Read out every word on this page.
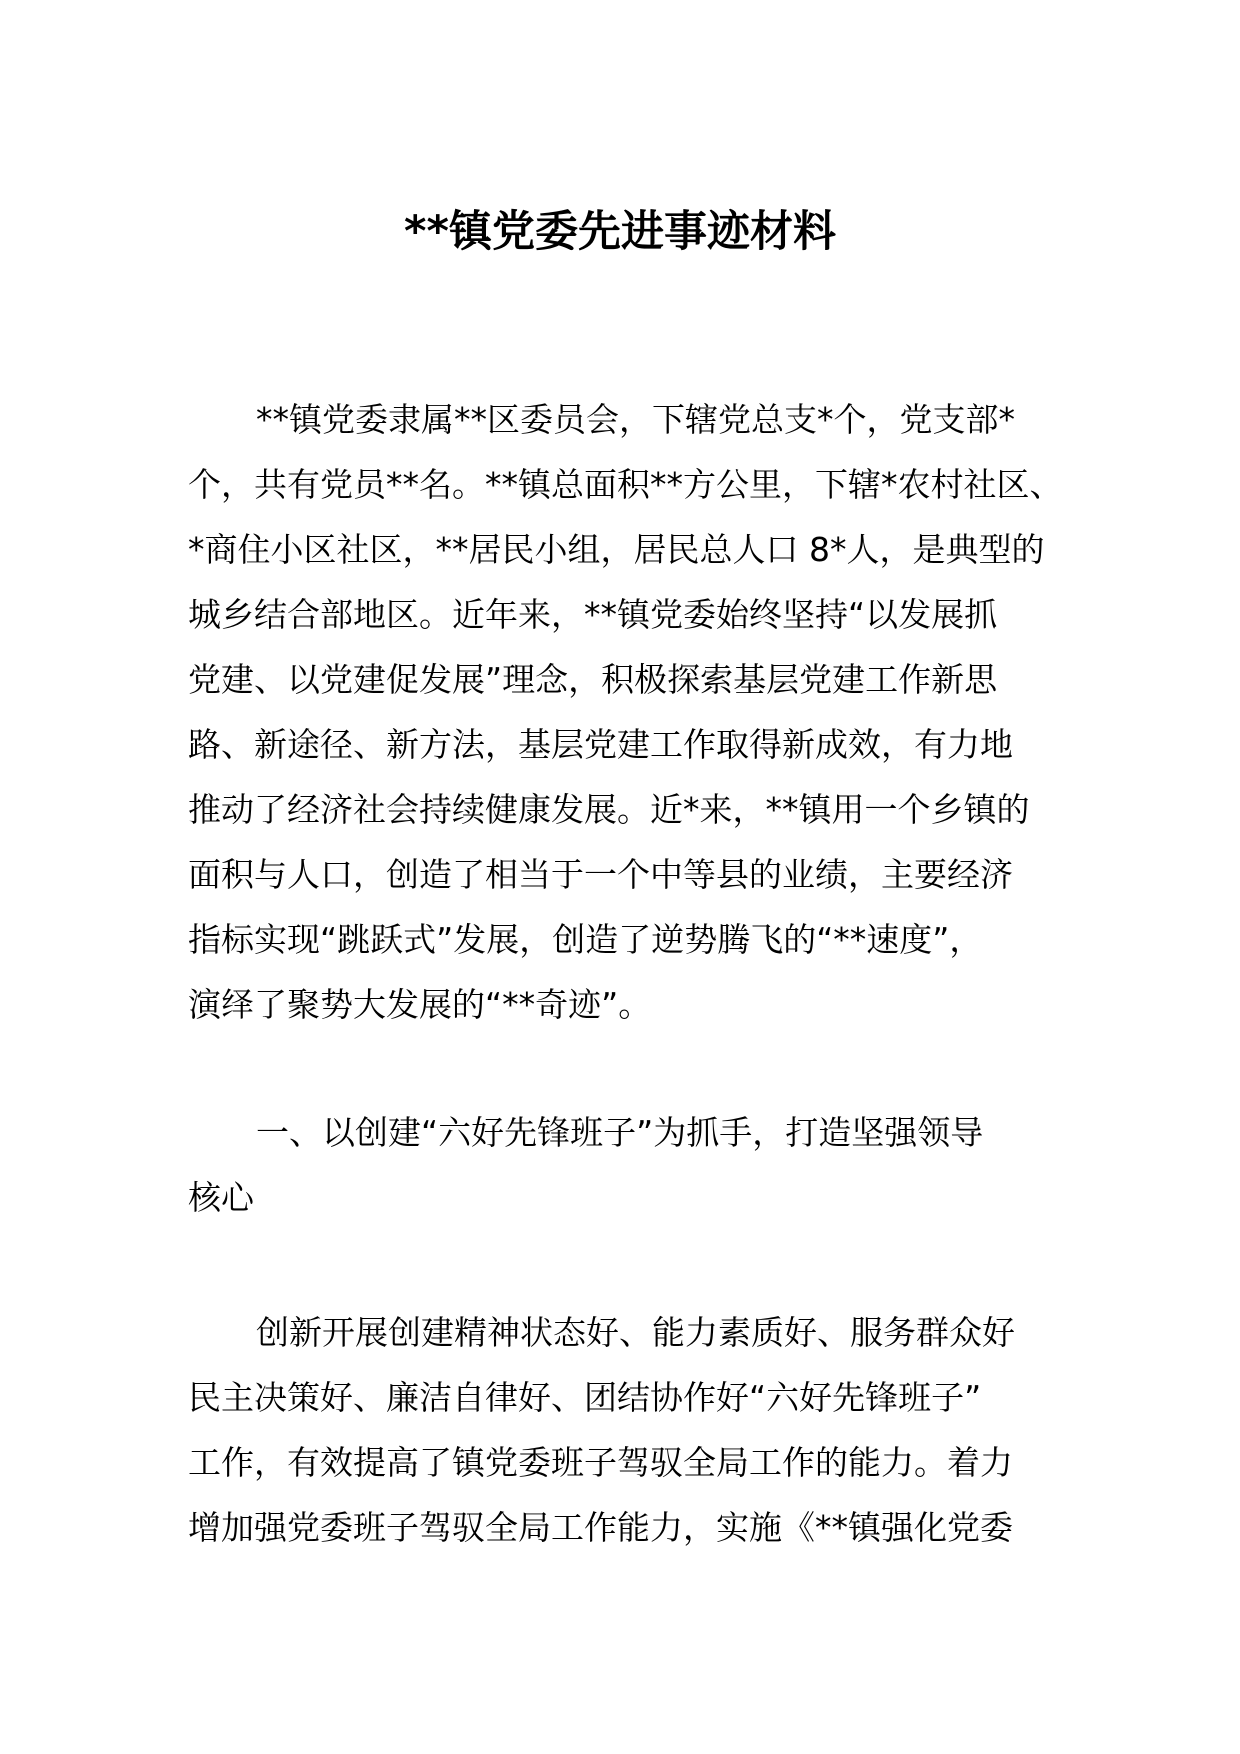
**镇党委先进事迹材料
**镇党委隶属**区委员会，下辖党总支*个，党支部*
个，共有党员**名。**镇总面积**方公里，下辖*农村社区、
*商住小区社区，**居民小组，居民总人口 8*人，是典型的
城乡结合部地区。近年来，**镇党委始终坚持“以发展抓
党建、以党建促发展”理念，积极探索基层党建工作新思
路、新途径、新方法，基层党建工作取得新成效，有力地
推动了经济社会持续健康发展。近*来，**镇用一个乡镇的
面积与人口，创造了相当于一个中等县的业绩，主要经济
指标实现“跳跃式”发展，创造了逆势腾飞的“**速度”，
演绎了聚势大发展的“**奇迹”。
一、以创建“六好先锋班子”为抓手，打造坚强领导
核心
创新开展创建精神状态好、能力素质好、服务群众好
民主决策好、廉洁自律好、团结协作好“六好先锋班子”
工作，有效提高了镇党委班子驾驭全局工作的能力。着力
增加强党委班子驾驭全局工作能力，实施《**镇强化党委
